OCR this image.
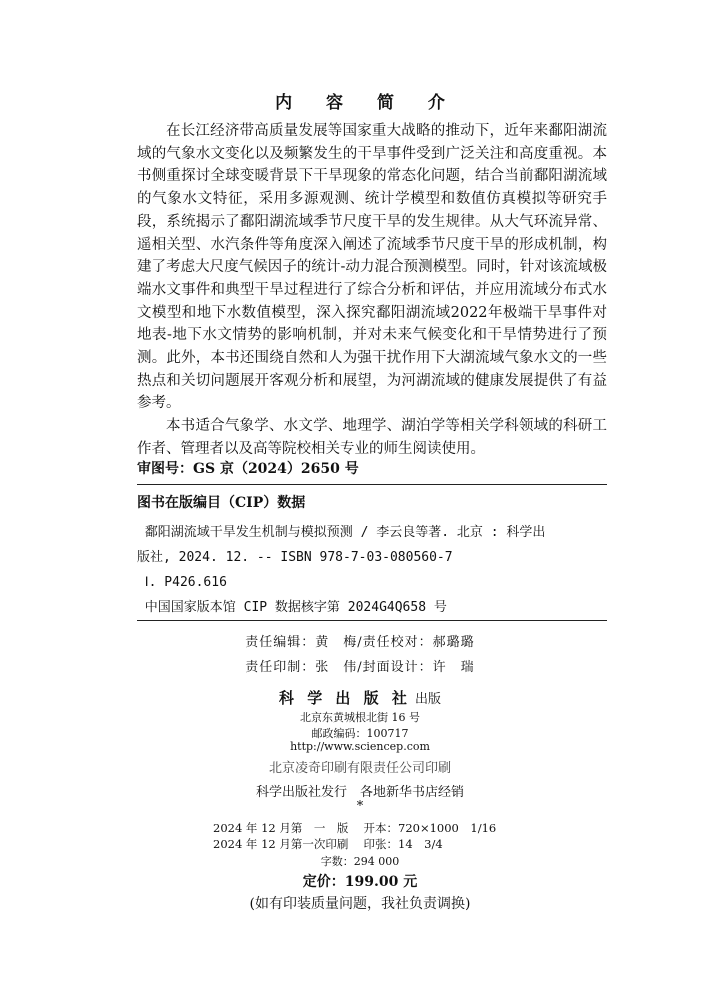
内 容 简 介

在长江经济带高质量发展等国家重大战略的推动下，近年来鄱阳湖流域的气象水文变化以及频繁发生的干旱事件受到广泛关注和高度重视。本书侧重探讨全球变暖背景下干旱现象的常态化问题，结合当前鄱阳湖流域的气象水文特征，采用多源观测、统计学模型和数值仿真模拟等研究手段，系统揭示了鄱阳湖流域季节尺度干旱的发生规律。从大气环流异常、遥相关型、水汽条件等角度深入阐述了流域季节尺度干旱的形成机制，构建了考虑大尺度气候因子的统计-动力混合预测模型。同时，针对该流域极端水文事件和典型干旱过程进行了综合分析和评估，并应用流域分布式水文模型和地下水数值模型，深入探究鄱阳湖流域2022年极端干旱事件对地表-地下水文情势的影响机制，并对未来气候变化和干旱情势进行了预测。此外，本书还围绕自然和人为强干扰作用下大湖流域气象水文的一些热点和关切问题展开客观分析和展望，为河湖流域的健康发展提供了有益参考。

本书适合气象学、水文学、地理学、湖泊学等相关学科领域的科研工作者、管理者以及高等院校相关专业的师生阅读使用。

审图号：GS 京（2024）2650 号
图书在版编目（CIP）数据
鄱阳湖流域干旱发生机制与模拟预测 / 李云良等著. 北京 : 科学出
版社, 2024. 12. -- ISBN 978-7-03-080560-7
Ⅰ. P426.616
中国国家版本馆 CIP 数据核字第 2024G4Q658 号
责任编辑：黄　梅/责任校对：郝璐璐
责任印制：张　伟/封面设计：许　瑞
科 学 出 版 社 出版
北京东黄城根北街 16 号
邮政编码：100717
http://www.sciencep.com
北京凌奇印刷有限责任公司印刷
科学出版社发行　各地新华书店经销
*
2024 年 12 月第　一　版　 开本：720×1000　1/16
2024 年 12 月第一次印刷　 印张：14　3/4
字数：294 000
定价：199.00 元
(如有印装质量问题，我社负责调换)
